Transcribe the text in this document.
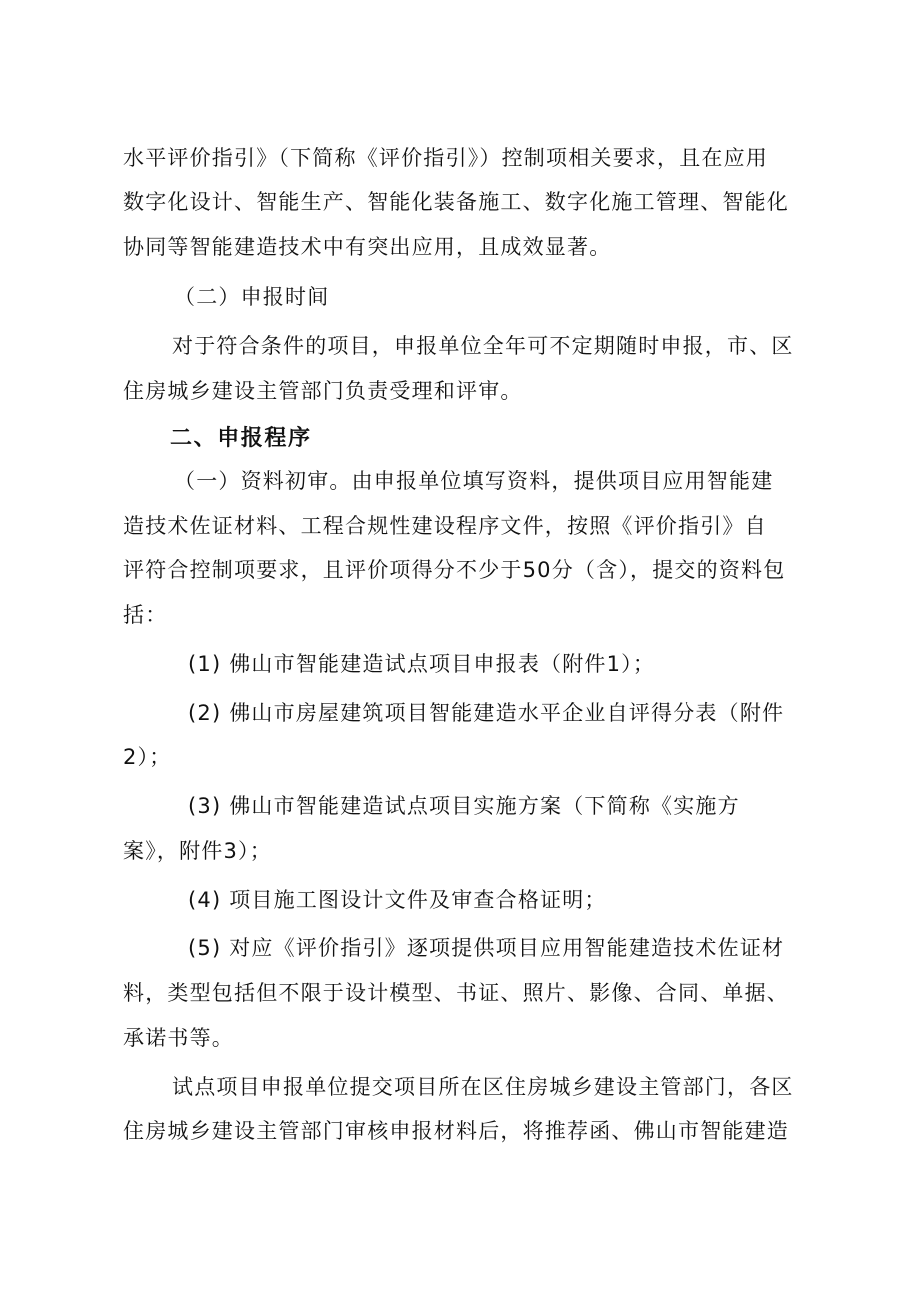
水平评价指引》（下简称《评价指引》）控制项相关要求，且在应用
数字化设计、智能生产、智能化装备施工、数字化施工管理、智能化
协同等智能建造技术中有突出应用，且成效显著。
（二）申报时间
对于符合条件的项目，申报单位全年可不定期随时申报，市、区
住房城乡建设主管部门负责受理和评审。
二、申报程序
（一）资料初审。由申报单位填写资料，提供项目应用智能建
造技术佐证材料、工程合规性建设程序文件，按照《评价指引》自
评符合控制项要求，且评价项得分不少于50分（含），提交的资料包
括：
(1) 佛山市智能建造试点项目申报表（附件1）；
(2) 佛山市房屋建筑项目智能建造水平企业自评得分表（附件
2）；
(3) 佛山市智能建造试点项目实施方案（下简称《实施方
案》，附件3）；
(4) 项目施工图设计文件及审查合格证明；
(5) 对应《评价指引》逐项提供项目应用智能建造技术佐证材
料，类型包括但不限于设计模型、书证、照片、影像、合同、单据、
承诺书等。
试点项目申报单位提交项目所在区住房城乡建设主管部门，各区
住房城乡建设主管部门审核申报材料后，将推荐函、佛山市智能建造
